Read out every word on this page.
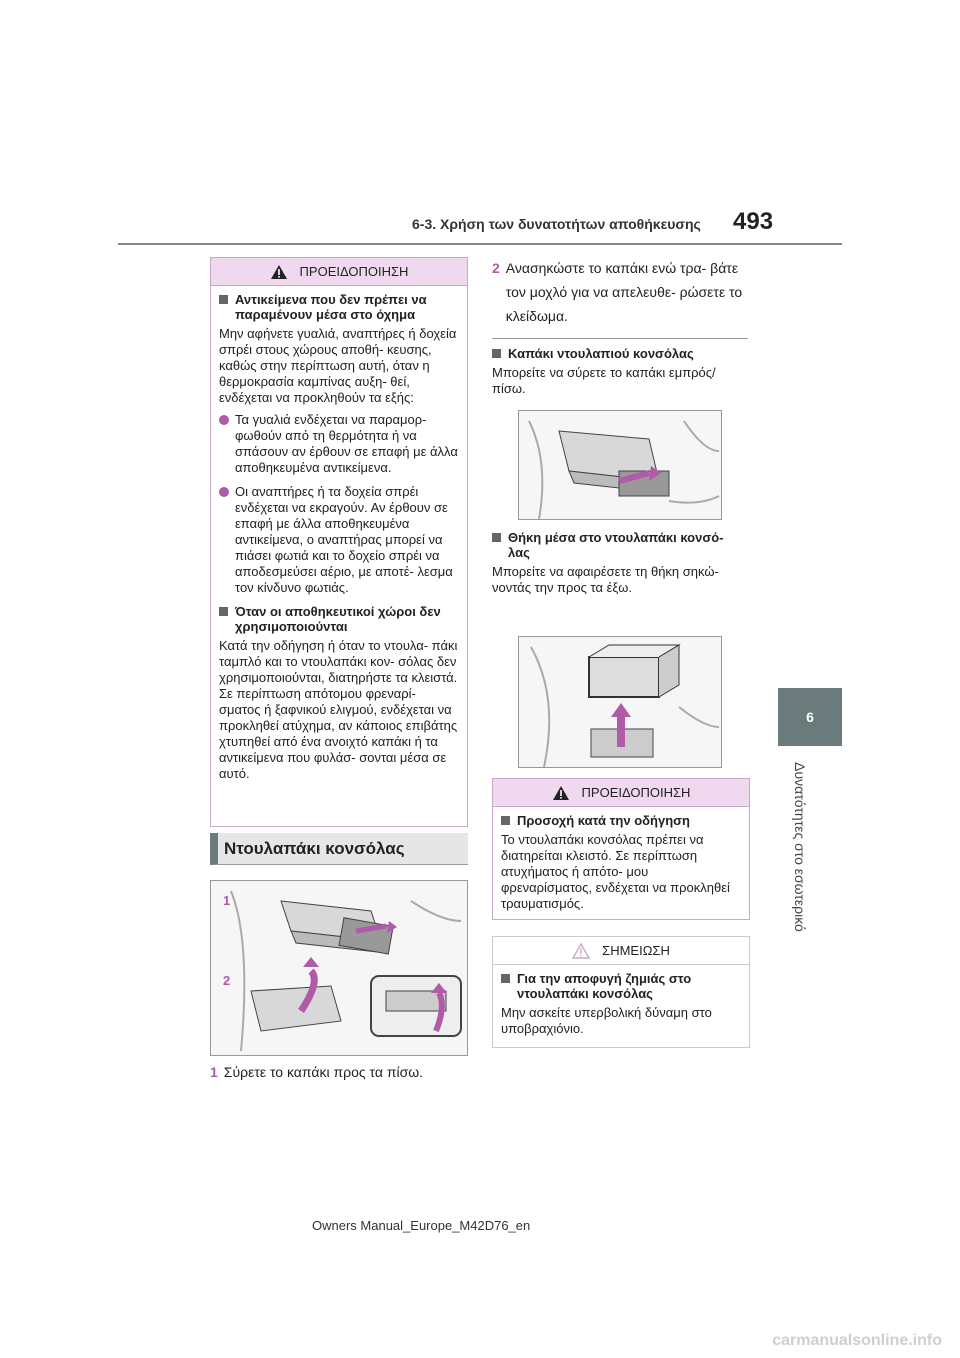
6-3. Χρήση των δυνατοτήτων αποθήκευσης 493
6
Δυνατότητες στο εσωτερικό
ΠΡΟΕΙΔΟΠΟΙΗΣΗ
Αντικείμενα που δεν πρέπει να παραμένουν μέσα στο όχημα
Μην αφήνετε γυαλιά, αναπτήρες ή δοχεία σπρέι στους χώρους αποθή- κευσης, καθώς στην περίπτωση αυτή, όταν η θερμοκρασία καμπίνας αυξη- θεί, ενδέχεται να προκληθούν τα εξής:
Τα γυαλιά ενδέχεται να παραμορ- φωθούν από τη θερμότητα ή να σπάσουν αν έρθουν σε επαφή με άλλα αποθηκευμένα αντικείμενα.
Οι αναπτήρες ή τα δοχεία σπρέι ενδέχεται να εκραγούν. Αν έρθουν σε επαφή με άλλα αποθηκευμένα αντικείμενα, ο αναπτήρας μπορεί να πιάσει φωτιά και το δοχείο σπρέι να αποδεσμεύσει αέριο, με αποτέ- λεσμα τον κίνδυνο φωτιάς.
Όταν οι αποθηκευτικοί χώροι δεν χρησιμοποιούνται
Κατά την οδήγηση ή όταν το ντουλα- πάκι ταμπλό και το ντουλαπάκι κον- σόλας δεν χρησιμοποιούνται, διατηρήστε τα κλειστά. Σε περίπτωση απότομου φρεναρί- σματος ή ξαφνικού ελιγμού, ενδέχεται να προκληθεί ατύχημα, αν κάποιος επιβάτης χτυπηθεί από ένα ανοιχτό καπάκι ή τα αντικείμενα που φυλάσ- σονται μέσα σε αυτό.
Ντουλαπάκι κονσόλας
1
2
1 Σύρετε το καπάκι προς τα πίσω.
2 Ανασηκώστε το καπάκι ενώ τρα- βάτε τον μοχλό για να απελευθε- ρώσετε το κλείδωμα.
Καπάκι ντουλαπιού κονσόλας
Μπορείτε να σύρετε το καπάκι εμπρός/πίσω.
Θήκη μέσα στο ντουλαπάκι κονσό- λας
Μπορείτε να αφαιρέσετε τη θήκη σηκώ- νοντάς την προς τα έξω.
ΠΡΟΕΙΔΟΠΟΙΗΣΗ
Προσοχή κατά την οδήγηση
Το ντουλαπάκι κονσόλας πρέπει να διατηρείται κλειστό. Σε περίπτωση ατυχήματος ή απότο- μου φρεναρίσματος, ενδέχεται να προκληθεί τραυματισμός.
ΣΗΜΕΙΩΣΗ
Για την αποφυγή ζημιάς στο ντουλαπάκι κονσόλας
Μην ασκείτε υπερβολική δύναμη στο υποβραχιόνιο.
Owners Manual_Europe_M42D76_en
carmanualsonline.info
